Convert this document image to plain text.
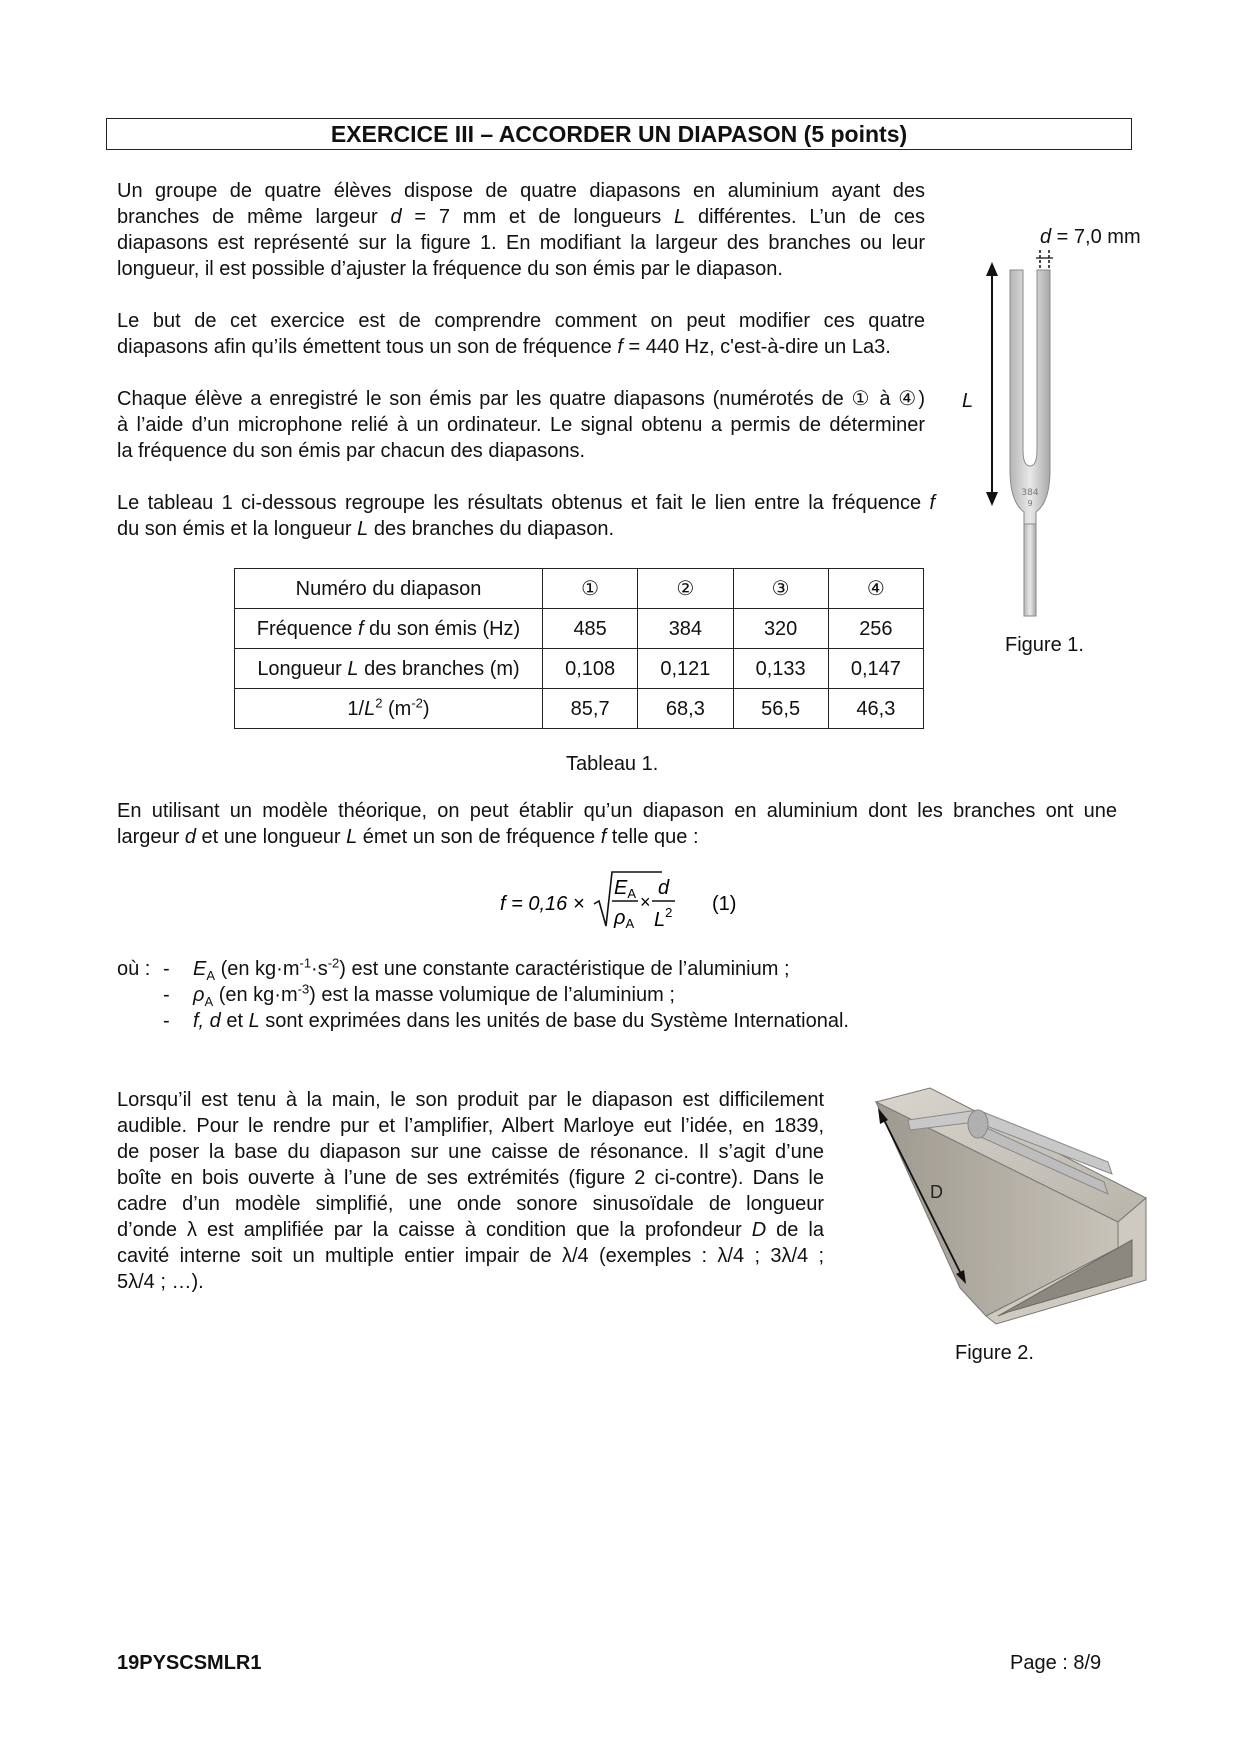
EXERCICE III – ACCORDER UN DIAPASON (5 points)
Un groupe de quatre élèves dispose de quatre diapasons en aluminium ayant des
branches de même largeur d = 7 mm et de longueurs L différentes. L’un de ces
diapasons est représenté sur la figure 1. En modifiant la largeur des branches ou leur
longueur, il est possible d’ajuster la fréquence du son émis par le diapason.
Le but de cet exercice est de comprendre comment on peut modifier ces quatre
diapasons afin qu’ils émettent tous un son de fréquence f = 440 Hz, c'est-à-dire un La3.
Chaque élève a enregistré le son émis par les quatre diapasons (numérotés de ① à ④)
à l’aide d’un microphone relié à un ordinateur. Le signal obtenu a permis de déterminer
la fréquence du son émis par chacun des diapasons.
Le tableau 1 ci-dessous regroupe les résultats obtenus et fait le lien entre la fréquence f
du son émis et la longueur L des branches du diapason.
d = 7,0 mm
L
384
9
Figure 1.
Numéro du diapason	①	②	③	④
Fréquence f du son émis (Hz)	485	384	320	256
Longueur L des branches (m)	0,108	0,121	0,133	0,147
$1/L^2$ $(m^{-2})$	85,7	68,3	56,5	46,3
Tableau 1.
En utilisant un modèle théorique, on peut établir qu’un diapason en aluminium dont les branches ont une
largeur d et une longueur L émet un son de fréquence f telle que :
f = 0,16 ×
$E_A$
$\rho_A$
×
d
$L^2$ (1)
où : -
-
-
$E_A$ (en $kg\cdot m^{-1}\cdot s^{-2}$) est une constante caractéristique de l’aluminium ;
$\rho_A$ (en $kg\cdot m^{-3}$) est la masse volumique de l’aluminium ;
f, d et L sont exprimées dans les unités de base du Système International.
Lorsqu’il est tenu à la main, le son produit par le diapason est difficilement
audible. Pour le rendre pur et l’amplifier, Albert Marloye eut l’idée, en 1839,
de poser la base du diapason sur une caisse de résonance. Il s’agit d’une
boîte en bois ouverte à l’une de ses extrémités (figure 2 ci-contre). Dans le
cadre d’un modèle simplifié, une onde sonore sinusoïdale de longueur
d’onde λ est amplifiée par la caisse à condition que la profondeur D de la
cavité interne soit un multiple entier impair de λ/4 (exemples : λ/4 ; 3λ/4 ;
5λ/4 ; …).
D
Figure 2.
19PYSCSMLR1	Page : 8/9
